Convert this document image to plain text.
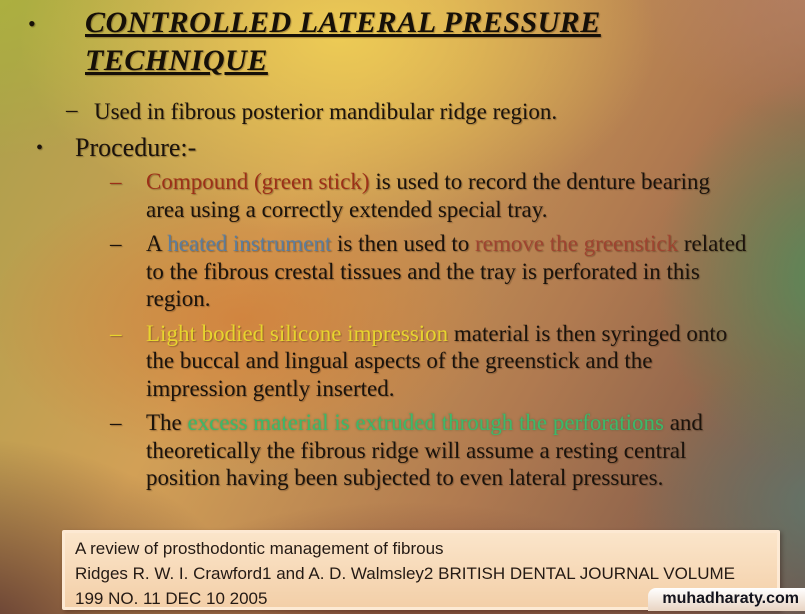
•	CONTROLLED LATERAL PRESSURE TECHNIQUE
– Used in fibrous posterior mandibular ridge region.

•	Procedure:-

–	Compound (green stick) is used to record the denture bearing area using a correctly extended special tray.

–	A heated instrument is then used to remove the greenstick related to the fibrous crestal tissues and the tray is perforated in this region.

–	Light bodied silicone impression material is then syringed onto the buccal and lingual aspects of the greenstick and the impression gently inserted.

–	The excess material is extruded through the perforations and theoretically the fibrous ridge will assume a resting central position having been subjected to even lateral pressures.

A review of prosthodontic management of fibrous
Ridges R. W. I. Crawford1 and A. D. Walmsley2 BRITISH DENTAL JOURNAL VOLUME
199 NO. 11 DEC 10 2005	muhadharaty.com
